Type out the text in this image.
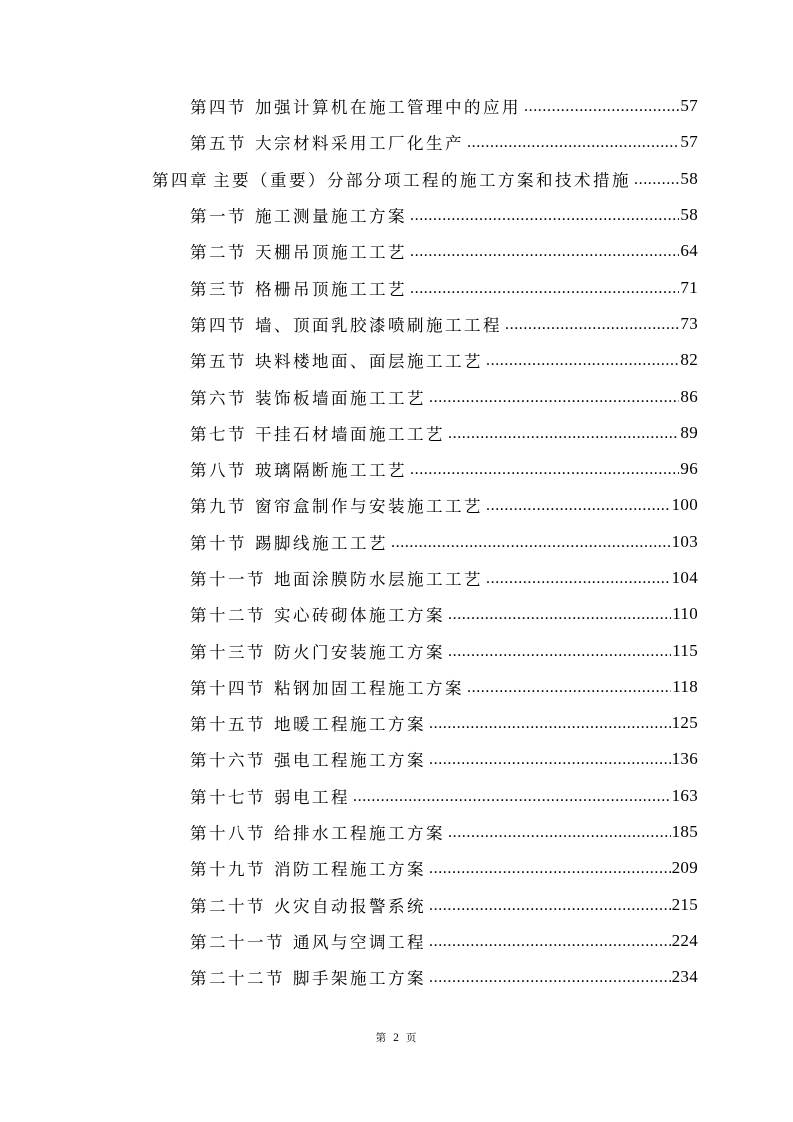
第四节 加强计算机在施工管理中的应用 .....	57
第五节 大宗材料采用工厂化生产 .....	57
第四章 主要（重要）分部分项工程的施工方案和技术措施 .....	58
第一节 施工测量施工方案 .....	58
第二节 天棚吊顶施工工艺 .....	64
第三节 格栅吊顶施工工艺 .....	71
第四节 墙、顶面乳胶漆喷刷施工工程 .....	73
第五节 块料楼地面、面层施工工艺 .....	82
第六节 装饰板墙面施工工艺 .....	86
第七节 干挂石材墙面施工工艺 .....	89
第八节 玻璃隔断施工工艺 .....	96
第九节 窗帘盒制作与安装施工工艺 .....	100
第十节 踢脚线施工工艺 .....	103
第十一节 地面涂膜防水层施工工艺 .....	104
第十二节 实心砖砌体施工方案 .....	110
第十三节 防火门安装施工方案 .....	115
第十四节 粘钢加固工程施工方案 .....	118
第十五节 地暖工程施工方案 .....	125
第十六节 强电工程施工方案 .....	136
第十七节 弱电工程 .....	163
第十八节 给排水工程施工方案 .....	185
第十九节 消防工程施工方案 .....	209
第二十节 火灾自动报警系统 .....	215
第二十一节 通风与空调工程 .....	224
第二十二节 脚手架施工方案 .....	234
第 2 页
